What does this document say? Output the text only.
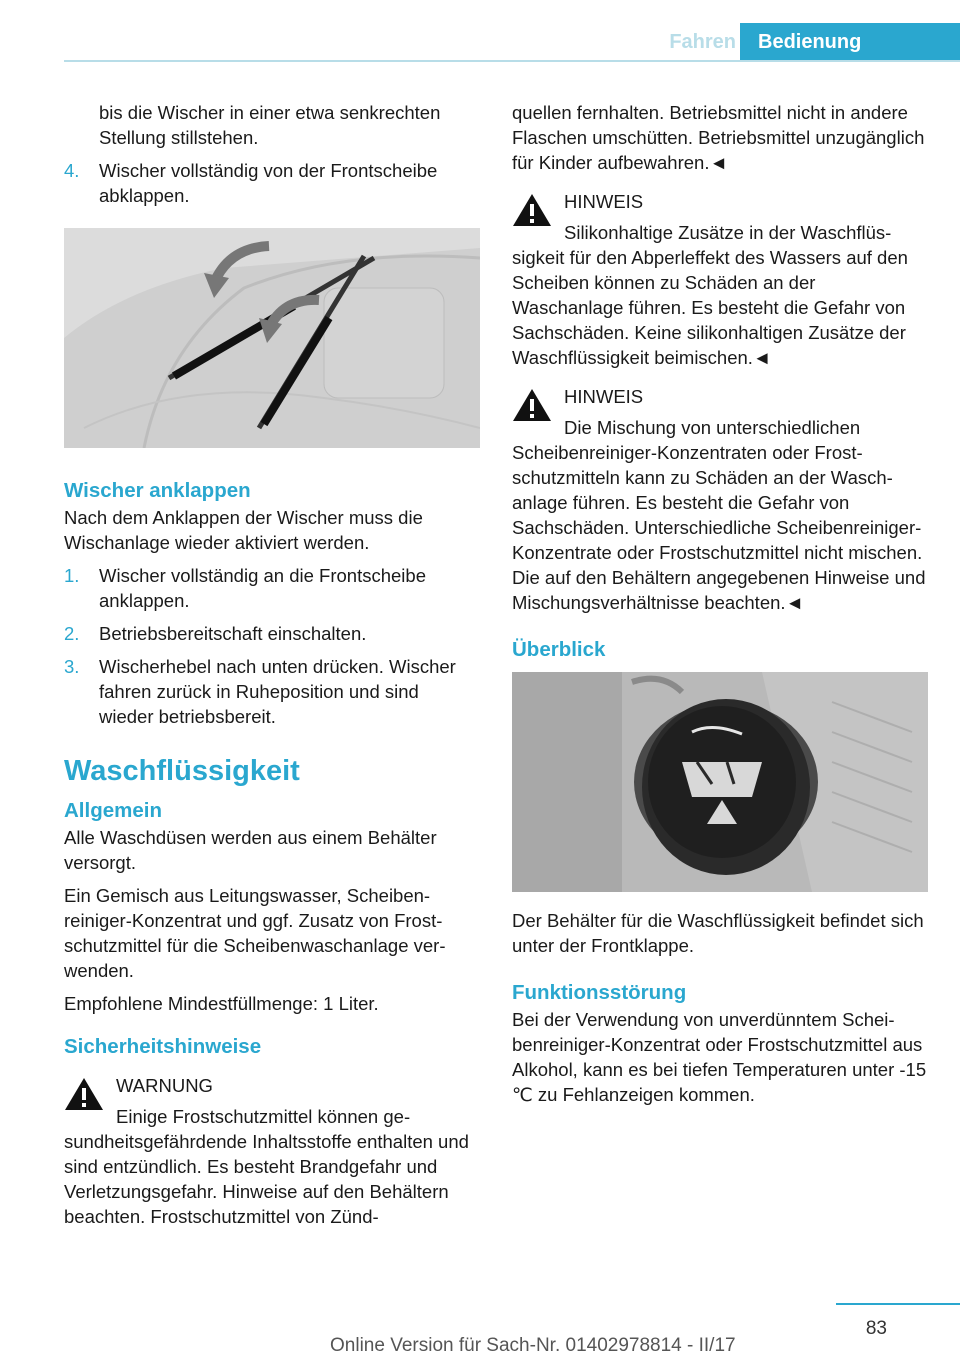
Fahren	Bedienung
bis die Wischer in einer etwa senkrechten Stellung stillstehen.
4. Wischer vollständig von der Frontscheibe abklappen.
Wischer anklappen
Nach dem Anklappen der Wischer muss die Wischanlage wieder aktiviert werden.
1. Wischer vollständig an die Frontscheibe anklappen.
2. Betriebsbereitschaft einschalten.
3. Wischerhebel nach unten drücken. Wischer fahren zurück in Ruheposition und sind wieder betriebsbereit.
Waschflüssigkeit
Allgemein
Alle Waschdüsen werden aus einem Behälter versorgt.
Ein Gemisch aus Leitungswasser, Scheibenreiniger-Konzentrat und ggf. Zusatz von Frostschutzmittel für die Scheibenwaschanlage verwenden.
Empfohlene Mindestfüllmenge: 1 Liter.
Sicherheitshinweise
WARNUNG
Einige Frostschutzmittel können gesundheitsgefährdende Inhaltsstoffe enthalten und sind entzündlich. Es besteht Brandgefahr und Verletzungsgefahr. Hinweise auf den Behältern beachten. Frostschutzmittel von Zünd-
quellen fernhalten. Betriebsmittel nicht in andere Flaschen umschütten. Betriebsmittel unzugänglich für Kinder aufbewahren.◄
HINWEIS
Silikonhaltige Zusätze in der Waschflüssigkeit für den Abperleffekt des Wassers auf den Scheiben können zu Schäden an der Waschanlage führen. Es besteht die Gefahr von Sachschäden. Keine silikonhaltigen Zusätze der Waschflüssigkeit beimischen.◄
HINWEIS
Die Mischung von unterschiedlichen Scheibenreiniger-Konzentraten oder Frostschutzmitteln kann zu Schäden an der Waschanlage führen. Es besteht die Gefahr von Sachschäden. Unterschiedliche Scheibenreiniger-Konzentrate oder Frostschutzmittel nicht mischen. Die auf den Behältern angegebenen Hinweise und Mischungsverhältnisse beachten.◄
Überblick
Der Behälter für die Waschflüssigkeit befindet sich unter der Frontklappe.
Funktionsstörung
Bei der Verwendung von unverdünntem Scheibenreiniger-Konzentrat oder Frostschutzmittel aus Alkohol, kann es bei tiefen Temperaturen unter -15 ℃ zu Fehlanzeigen kommen.
83
Online Version für Sach-Nr. 01402978814 - II/17
